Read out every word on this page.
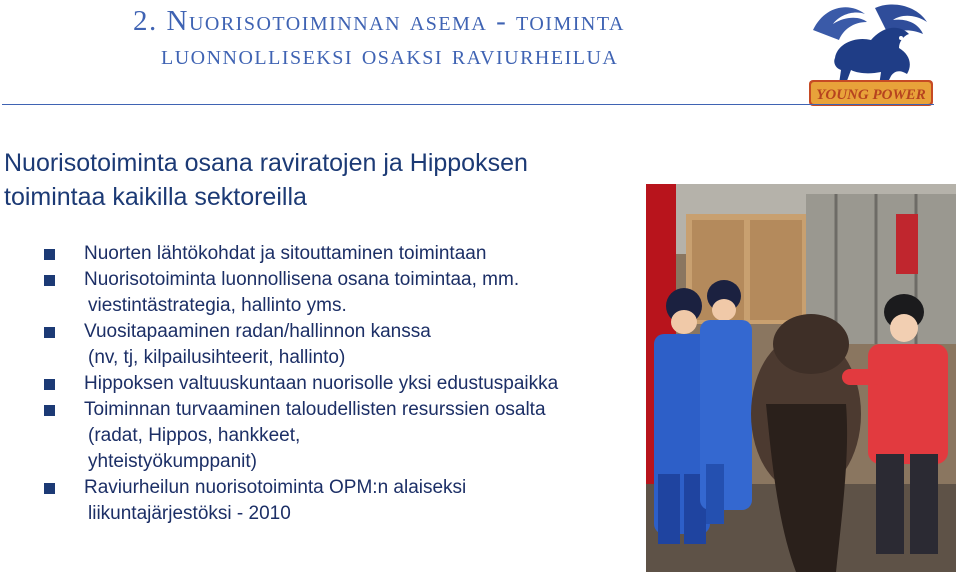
2. Nuorisotoiminnan asema - toiminta
luonnolliseksi osaksi raviurheilua
YOUNG POWER
Nuorisotoiminta osana raviratojen ja Hippoksen
toimintaa kaikilla sektoreilla
Nuorten lähtökohdat ja sitouttaminen toimintaan
Nuorisotoiminta luonnollisena osana toimintaa, mm.
viestintästrategia, hallinto yms.
Vuositapaaminen radan/hallinnon kanssa
(nv, tj, kilpailusihteerit, hallinto)
Hippoksen valtuuskuntaan nuorisolle yksi edustuspaikka
Toiminnan turvaaminen taloudellisten resurssien osalta
(radat, Hippos, hankkeet,
yhteistyökumppanit)
Raviurheilun nuorisotoiminta OPM:n alaiseksi
liikuntajärjestöksi - 2010
